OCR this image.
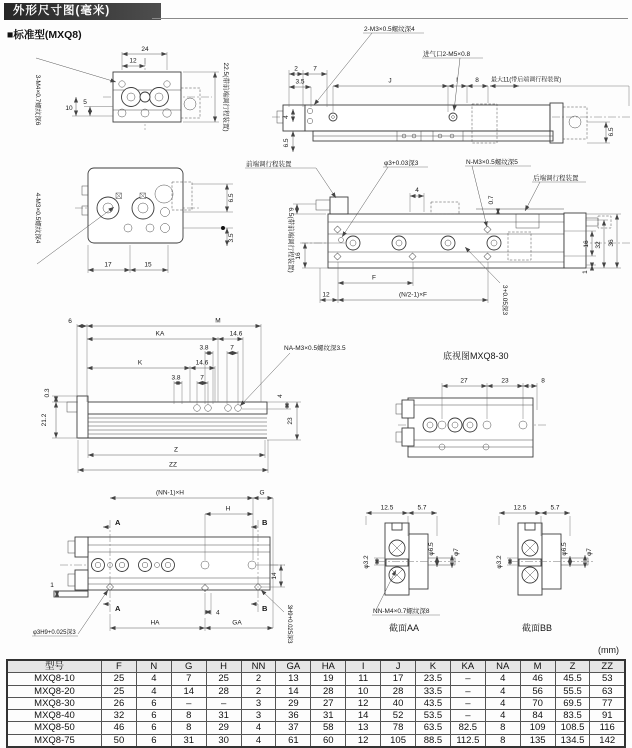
外形尺寸图(毫米)
■标准型(MXQ8)
24
12
10
5
3-M4×0.7螺纹深6	22.5(带前端调行程装置)	2 7
3.5
4
6.5
J	I	8 最大11(带后端调行程装置)
6.5
2-M3×0.5螺纹深4
进气口2-M5×0.8
6.5
3.5
17	15
4-M3×0.5螺纹深4
前端调行程装置	φ3+0.03深3	N-M3×0.5螺纹深5
后端调行程装置
6.5(带前端调行程装置) 16
4
0.7
16 32 36
1
F
(N/2-1)×F
12	3+0.05深3
6	M
KA	14.6
3.8	7
K	14.6
3.8	7
NA-M3×0.5螺纹深3.5
0.3
21.2
4
23
Z
ZZ
底视图MXQ8-30
27	23	8
A
A
B
B
(NN-1)×H	G
H
14
1
4
HA	GA
φ3H9+0.025深3	3H9+0.025深3
12.5	5.7
φ3.2
φ6.5	φ7
NN-M4×0.7螺纹深8
截面AA
12.5	5.7
φ3.2
φ6.5	φ7
截面BB
(mm)
型号	F	N	G	H	NN	GA	HA	I	J	K	KA	NA	M	Z	ZZ
MXQ8-10	25	4	7	25	2	13	19	11	17	23.5	–	4	46	45.5	53
MXQ8-20	25	4	14	28	2	14	28	10	28	33.5	–	4	56	55.5	63
MXQ8-30	26	6	–	–	3	29	27	12	40	43.5	–	4	70	69.5	77
MXQ8-40	32	6	8	31	3	36	31	14	52	53.5	–	4	84	83.5	91
MXQ8-50	46	6	8	29	4	37	58	13	78	63.5	82.5	8	109	108.5	116
MXQ8-75	50	6	31	30	4	61	60	12	105	88.5	112.5	8	135	134.5	142
